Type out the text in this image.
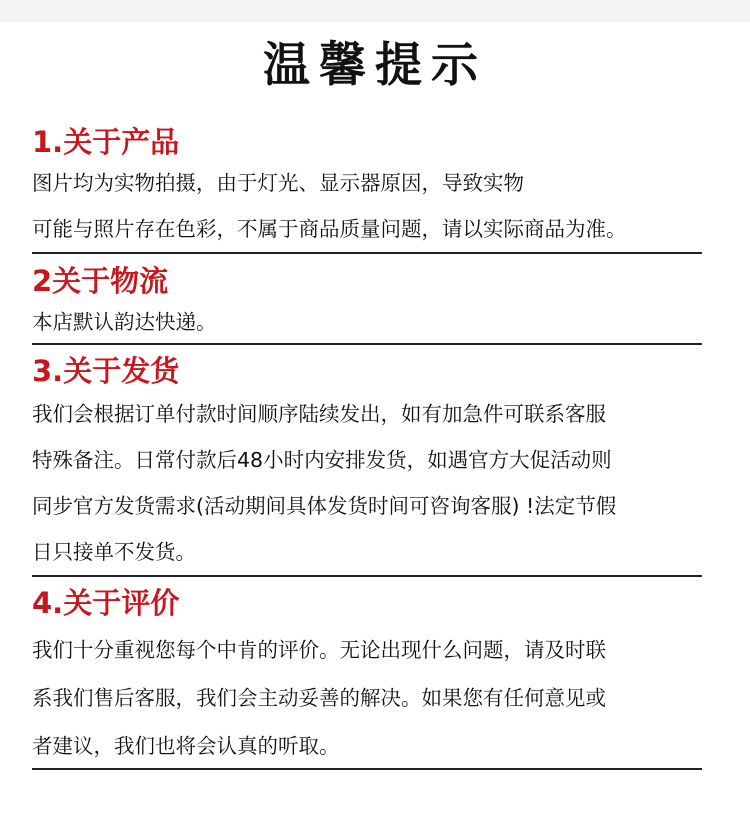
温馨提示
1.关于产品
图片均为实物拍摄，由于灯光、显示器原因，导致实物
可能与照片存在色彩，不属于商品质量问题，请以实际商品为准。
2关于物流
本店默认韵达快递。
3.关于发货
我们会根据订单付款时间顺序陆续发出，如有加急件可联系客服
特殊备注。日常付款后48小时内安排发货，如遇官方大促活动则
同步官方发货需求(活动期间具体发货时间可咨询客服) !法定节假
日只接单不发货。
4.关于评价
我们十分重视您每个中肯的评价。无论出现什么问题，请及时联
系我们售后客服，我们会主动妥善的解决。如果您有任何意见或
者建议，我们也将会认真的听取。
